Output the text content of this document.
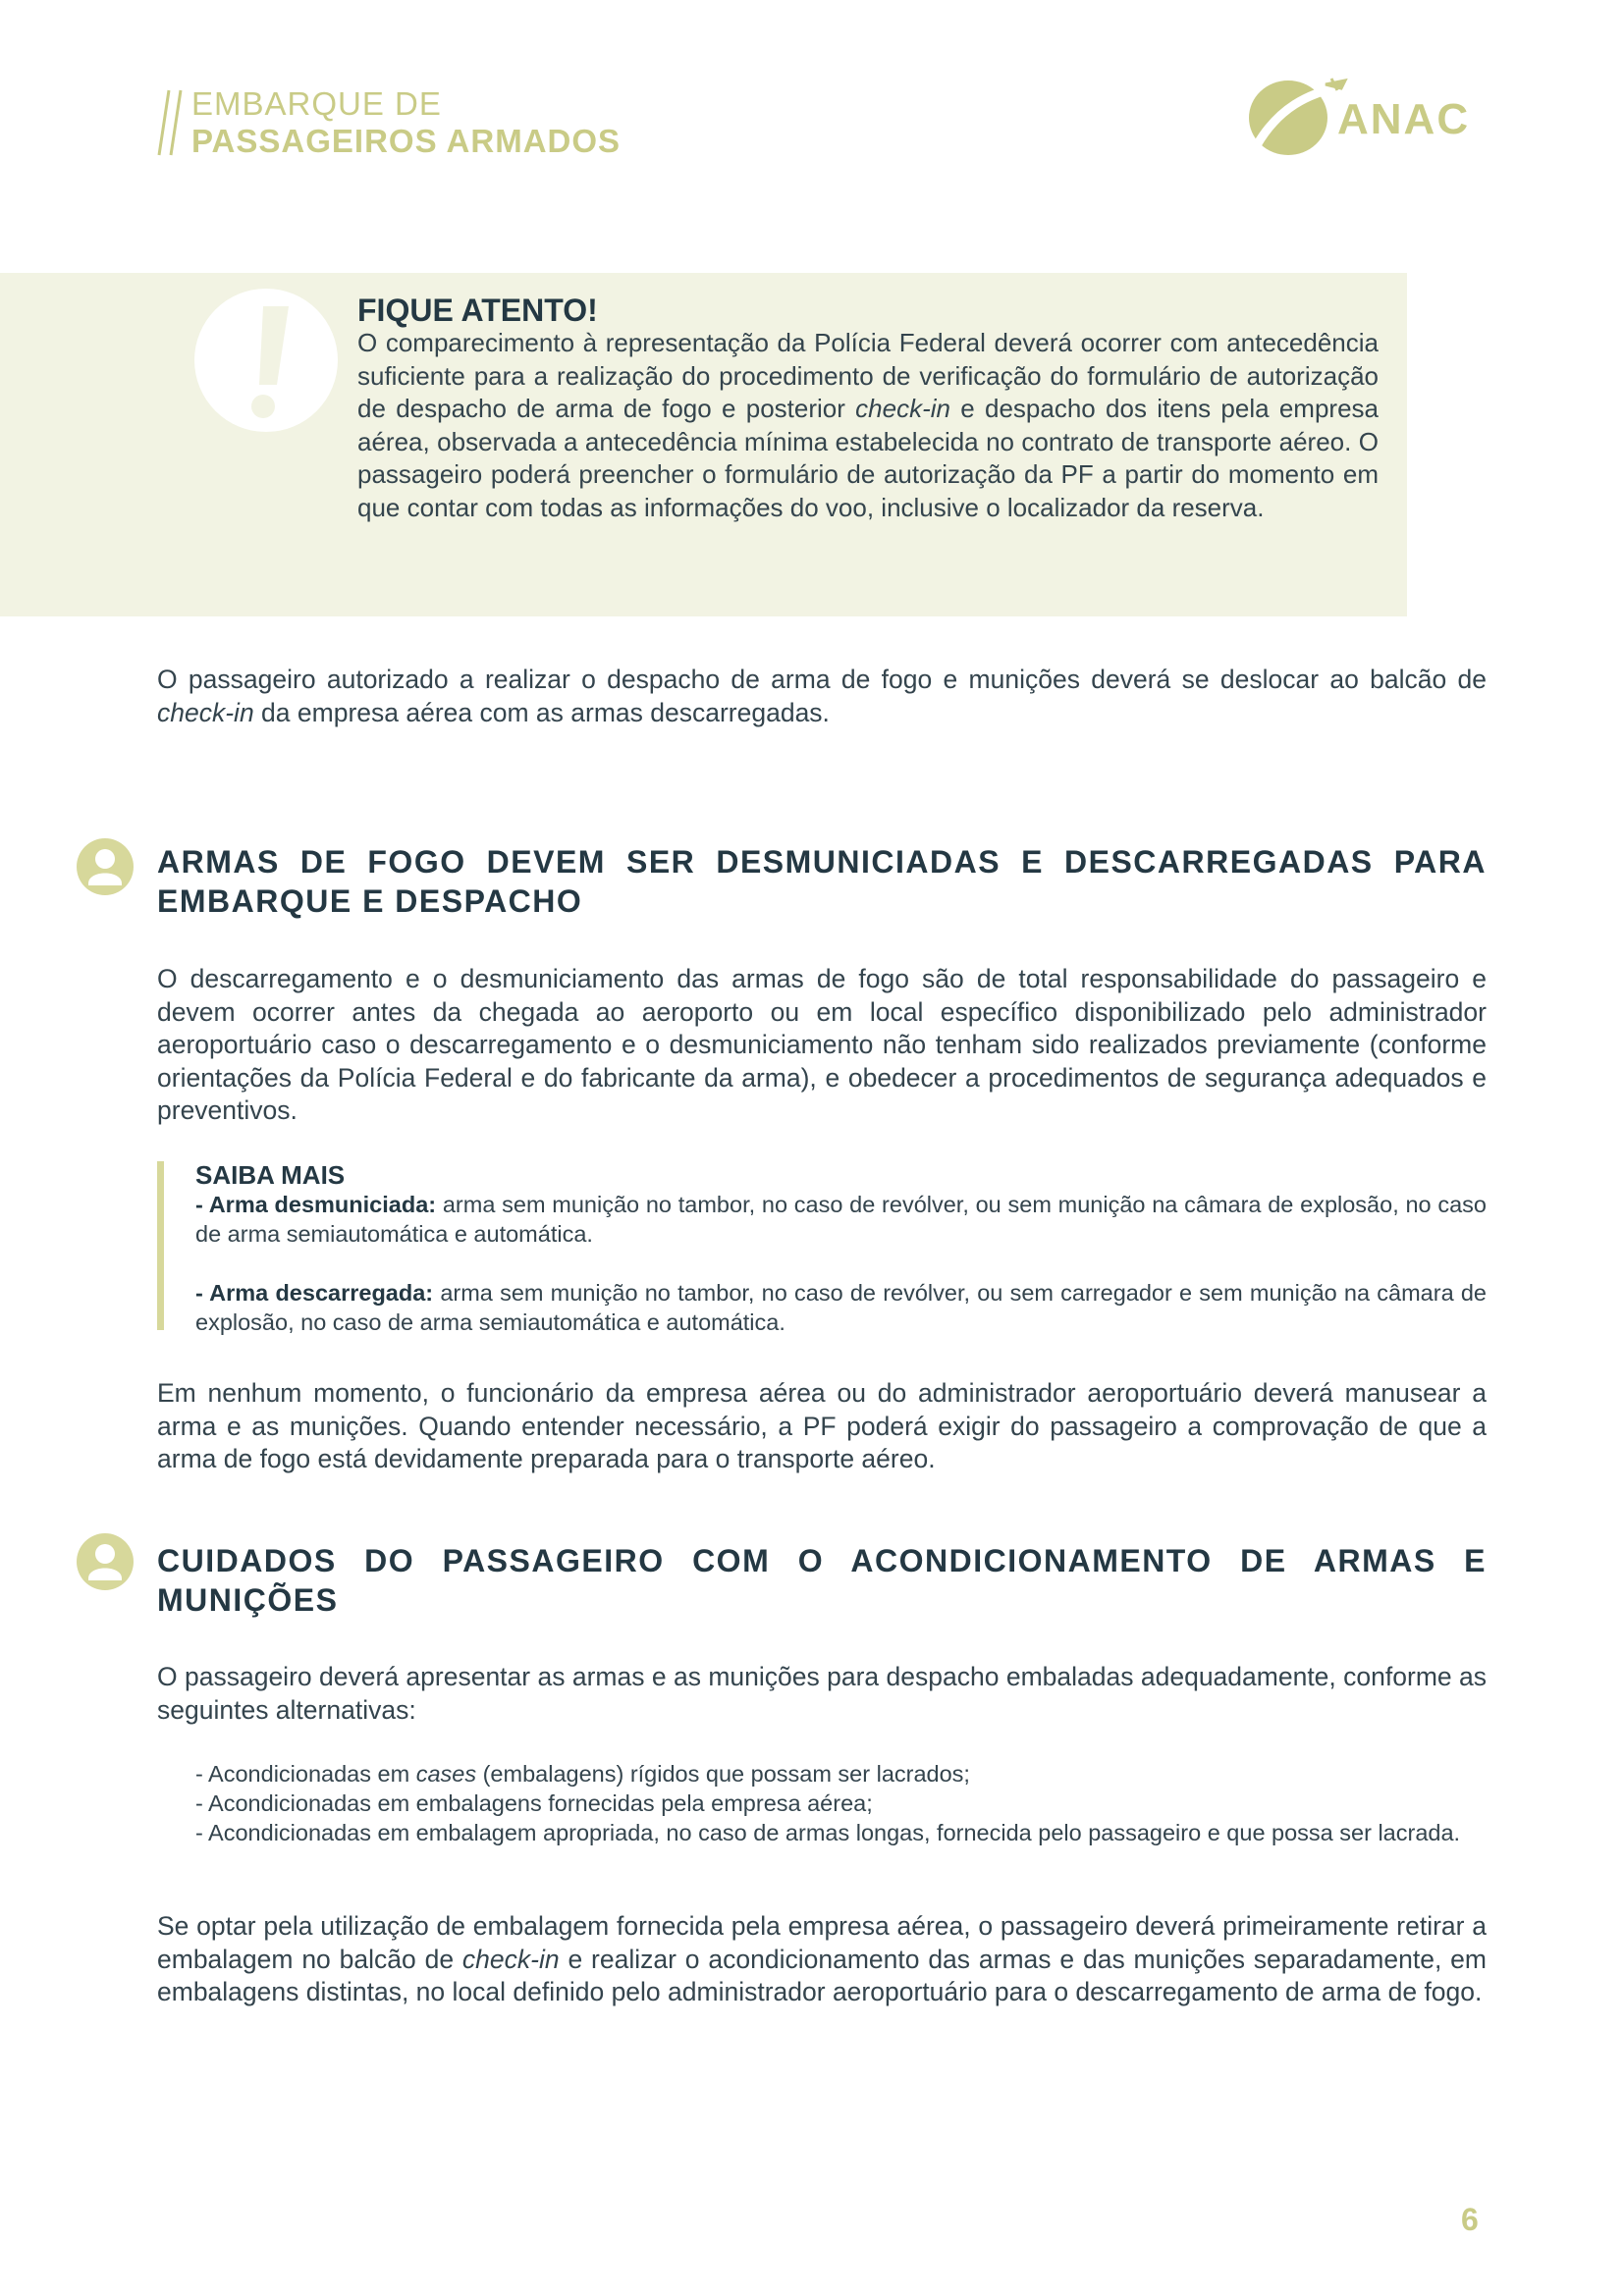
EMBARQUE DE
PASSAGEIROS ARMADOS	ANAC
FIQUE ATENTO!
O comparecimento à representação da Polícia Federal deverá ocorrer com antecedência suficiente para a realização do procedimento de verificação do formulário de autorização de despacho de arma de fogo e posterior check-in e despacho dos itens pela empresa aérea, observada a antecedência mínima estabelecida no contrato de transporte aéreo. O passageiro poderá preencher o formulário de autorização da PF a partir do momento em que contar com todas as informações do voo, inclusive o localizador da reserva.
O passageiro autorizado a realizar o despacho de arma de fogo e munições deverá se deslocar ao balcão de check-in da empresa aérea com as armas descarregadas.
ARMAS DE FOGO DEVEM SER DESMUNICIADAS E DESCARREGADAS PARA EMBARQUE E DESPACHO
O descarregamento e o desmuniciamento das armas de fogo são de total responsabilidade do passageiro e devem ocorrer antes da chegada ao aeroporto ou em local específico disponibilizado pelo administrador aeroportuário caso o descarregamento e o desmuniciamento não tenham sido realizados previamente (conforme orientações da Polícia Federal e do fabricante da arma), e obedecer a procedimentos de segurança adequados e preventivos.
SAIBA MAIS
- Arma desmuniciada: arma sem munição no tambor, no caso de revólver, ou sem munição na câmara de explosão, no caso de arma semiautomática e automática.
- Arma descarregada: arma sem munição no tambor, no caso de revólver, ou sem carregador e sem munição na câmara de explosão, no caso de arma semiautomática e automática.
Em nenhum momento, o funcionário da empresa aérea ou do administrador aeroportuário deverá manusear a arma e as munições. Quando entender necessário, a PF poderá exigir do passageiro a comprovação de que a arma de fogo está devidamente preparada para o transporte aéreo.
CUIDADOS DO PASSAGEIRO COM O ACONDICIONAMENTO DE ARMAS E MUNIÇÕES
O passageiro deverá apresentar as armas e as munições para despacho embaladas adequadamente, conforme as seguintes alternativas:
- Acondicionadas em cases (embalagens) rígidos que possam ser lacrados;
- Acondicionadas em embalagens fornecidas pela empresa aérea;
- Acondicionadas em embalagem apropriada, no caso de armas longas, fornecida pelo passageiro e que possa ser lacrada.
Se optar pela utilização de embalagem fornecida pela empresa aérea, o passageiro deverá primeiramente retirar a embalagem no balcão de check-in e realizar o acondicionamento das armas e das munições separadamente, em embalagens distintas, no local definido pelo administrador aeroportuário para o descarregamento de arma de fogo.
6
